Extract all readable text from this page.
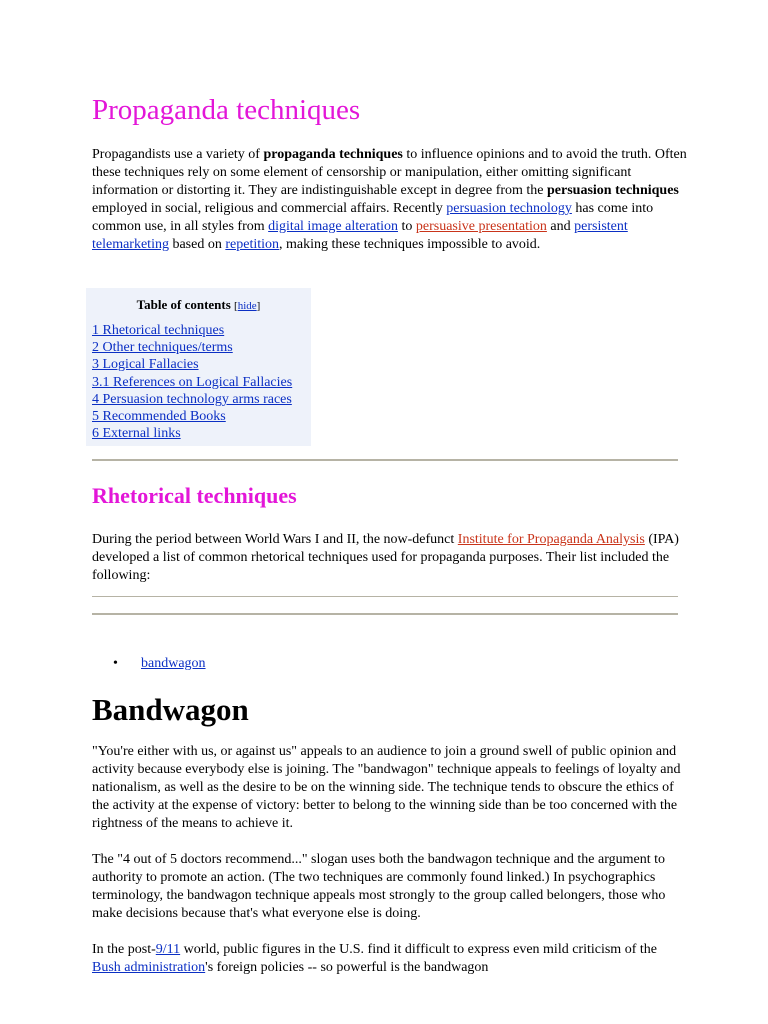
Propaganda techniques

Propagandists use a variety of propaganda techniques to influence opinions and to avoid the truth. Often these techniques rely on some element of censorship or manipulation, either omitting significant information or distorting it. They are indistinguishable except in degree from the persuasion techniques employed in social, religious and commercial affairs. Recently persuasion technology has come into common use, in all styles from digital image alteration to persuasive presentation and persistent telemarketing based on repetition, making these techniques impossible to avoid.

Table of contents [hide]
1 Rhetorical techniques
2 Other techniques/terms
3 Logical Fallacies
3.1 References on Logical Fallacies
4 Persuasion technology arms races
5 Recommended Books
6 External links
Rhetorical techniques

During the period between World Wars I and II, the now-defunct Institute for Propaganda Analysis (IPA) developed a list of common rhetorical techniques used for propaganda purposes. Their list included the following:

• bandwagon
Bandwagon

"You're either with us, or against us" appeals to an audience to join a ground swell of public opinion and activity because everybody else is joining. The "bandwagon" technique appeals to feelings of loyalty and nationalism, as well as the desire to be on the winning side. The technique tends to obscure the ethics of the activity at the expense of victory: better to belong to the winning side than be too concerned with the rightness of the means to achieve it.

The "4 out of 5 doctors recommend..." slogan uses both the bandwagon technique and the argument to authority to promote an action. (The two techniques are commonly found linked.) In psychographics terminology, the bandwagon technique appeals most strongly to the group called belongers, those who make decisions because that's what everyone else is doing.

In the post-9/11 world, public figures in the U.S. find it difficult to express even mild criticism of the Bush administration's foreign policies -- so powerful is the bandwagon
